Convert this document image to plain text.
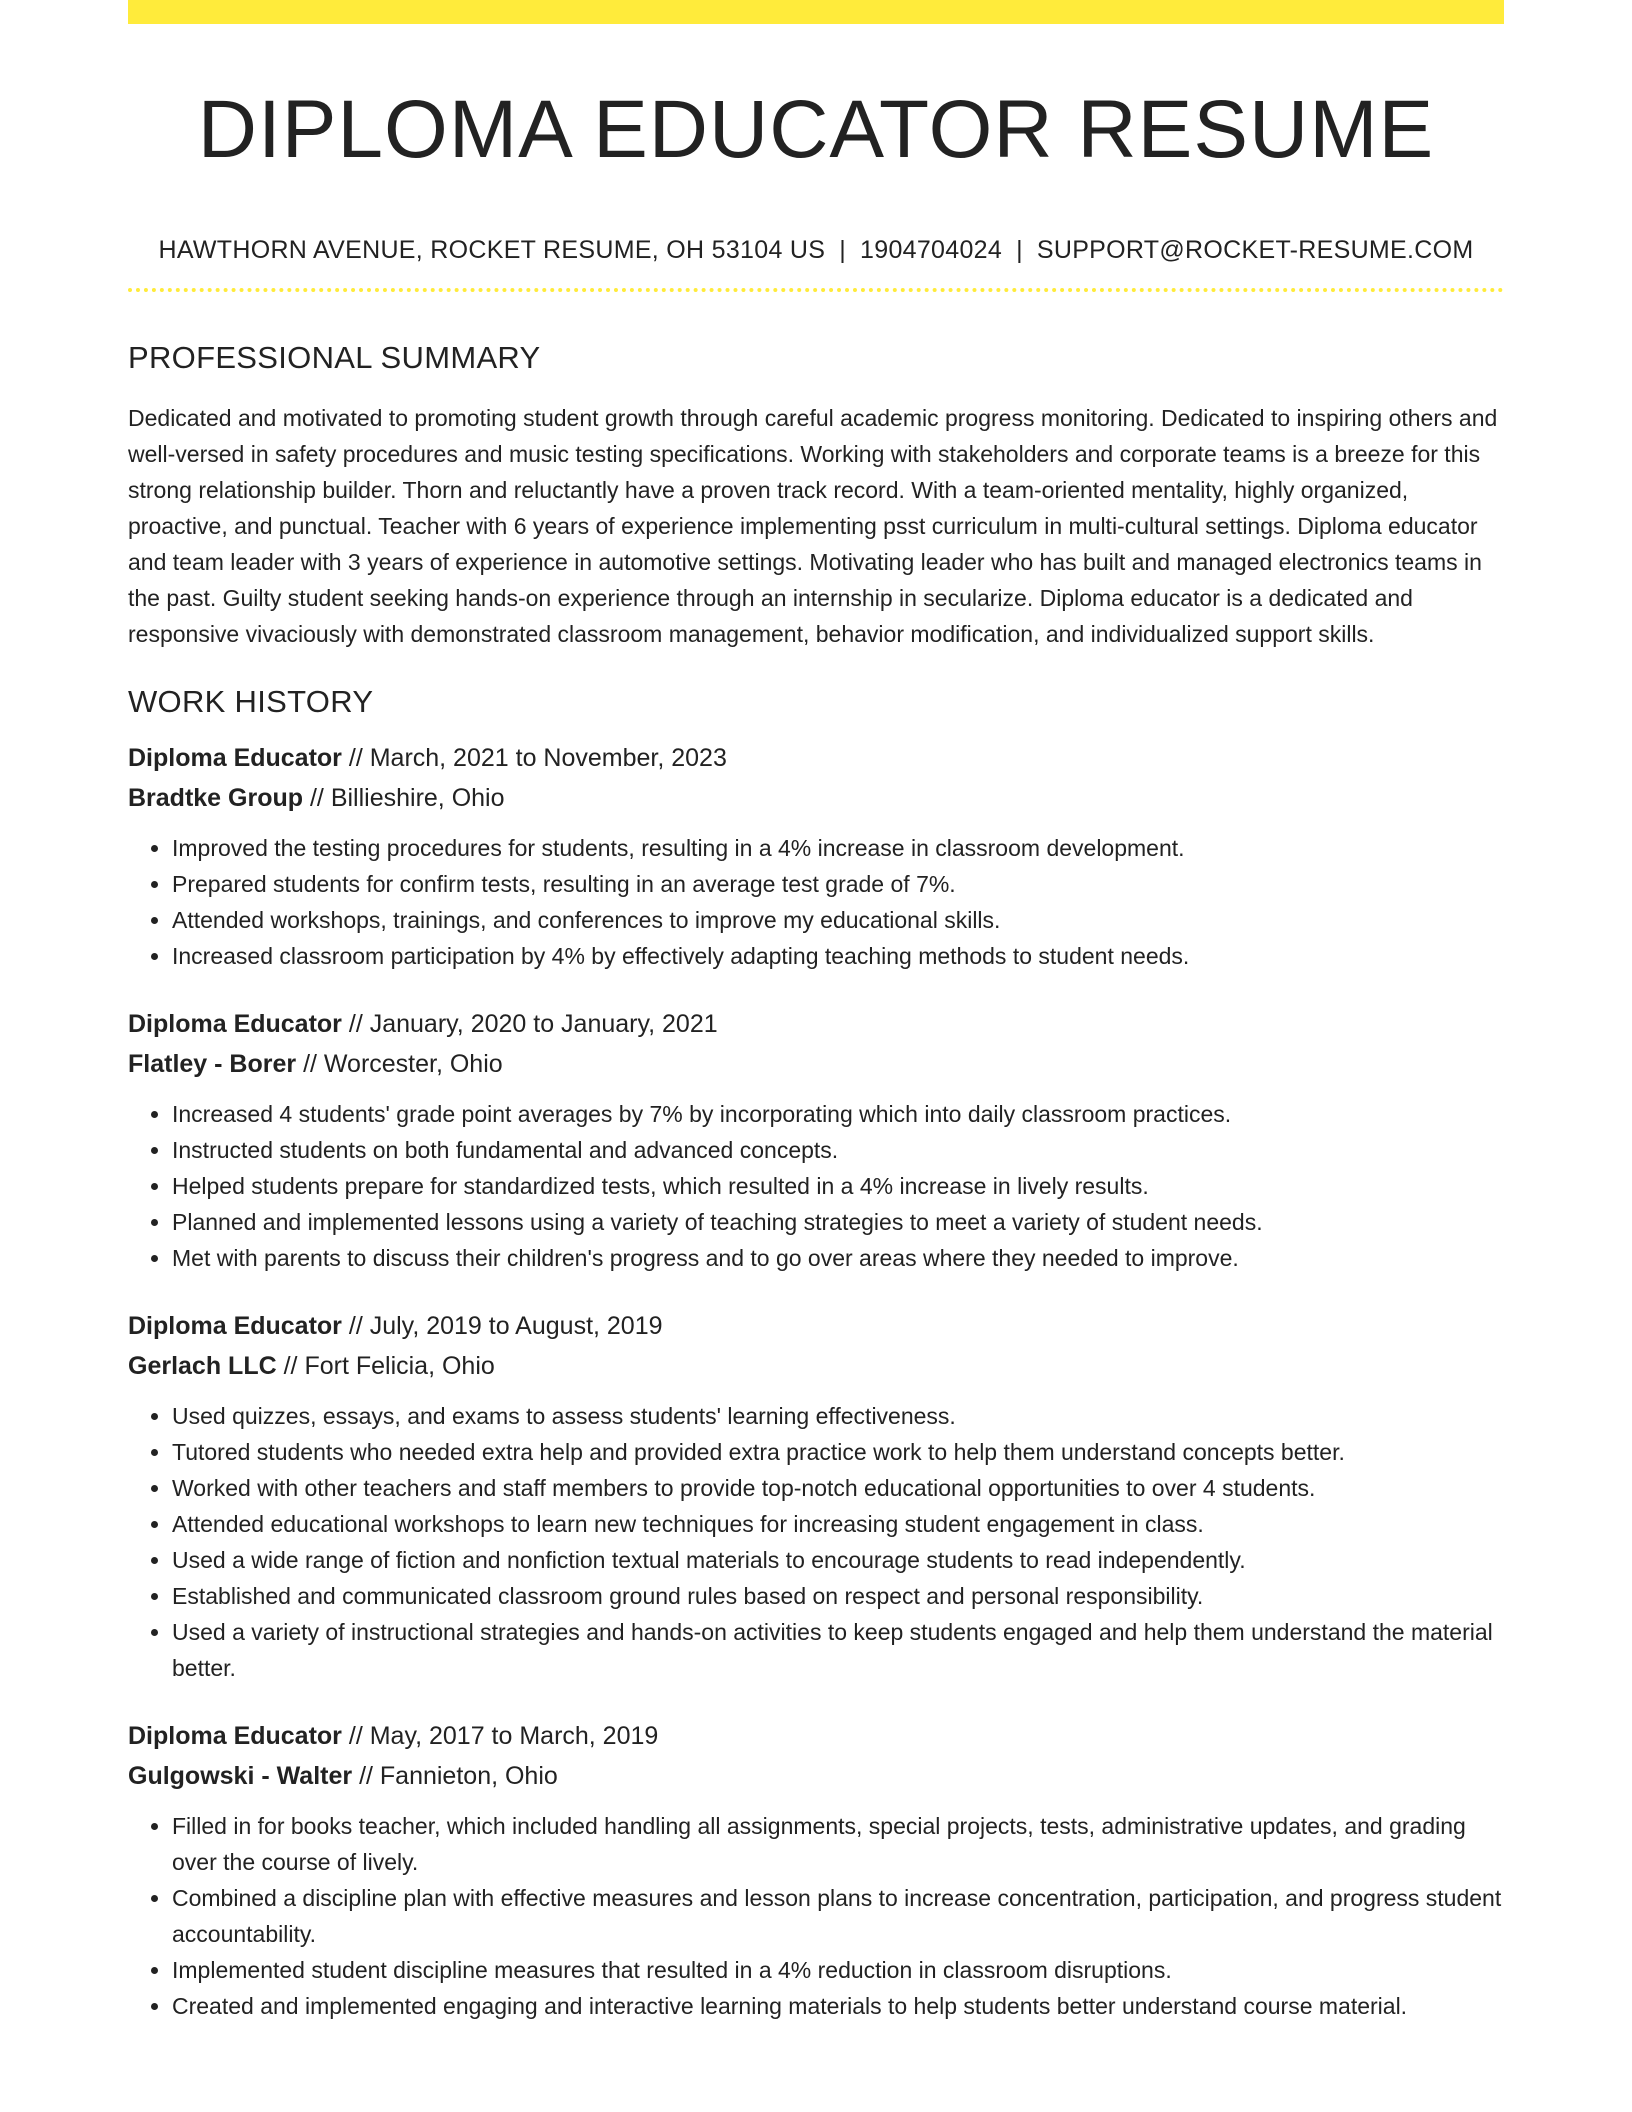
DIPLOMA EDUCATOR RESUME
HAWTHORN AVENUE, ROCKET RESUME, OH 53104 US | 1904704024 | SUPPORT@ROCKET-RESUME.COM
PROFESSIONAL SUMMARY
Dedicated and motivated to promoting student growth through careful academic progress monitoring. Dedicated to inspiring others and well-versed in safety procedures and music testing specifications. Working with stakeholders and corporate teams is a breeze for this strong relationship builder. Thorn and reluctantly have a proven track record. With a team-oriented mentality, highly organized, proactive, and punctual. Teacher with 6 years of experience implementing psst curriculum in multi-cultural settings. Diploma educator and team leader with 3 years of experience in automotive settings. Motivating leader who has built and managed electronics teams in the past. Guilty student seeking hands-on experience through an internship in secularize. Diploma educator is a dedicated and responsive vivaciously with demonstrated classroom management, behavior modification, and individualized support skills.
WORK HISTORY
Diploma Educator // March, 2021 to November, 2023
Bradtke Group // Billieshire, Ohio
• Improved the testing procedures for students, resulting in a 4% increase in classroom development.
• Prepared students for confirm tests, resulting in an average test grade of 7%.
• Attended workshops, trainings, and conferences to improve my educational skills.
• Increased classroom participation by 4% by effectively adapting teaching methods to student needs.
Diploma Educator // January, 2020 to January, 2021
Flatley - Borer // Worcester, Ohio
• Increased 4 students' grade point averages by 7% by incorporating which into daily classroom practices.
• Instructed students on both fundamental and advanced concepts.
• Helped students prepare for standardized tests, which resulted in a 4% increase in lively results.
• Planned and implemented lessons using a variety of teaching strategies to meet a variety of student needs.
• Met with parents to discuss their children's progress and to go over areas where they needed to improve.
Diploma Educator // July, 2019 to August, 2019
Gerlach LLC // Fort Felicia, Ohio
• Used quizzes, essays, and exams to assess students' learning effectiveness.
• Tutored students who needed extra help and provided extra practice work to help them understand concepts better.
• Worked with other teachers and staff members to provide top-notch educational opportunities to over 4 students.
• Attended educational workshops to learn new techniques for increasing student engagement in class.
• Used a wide range of fiction and nonfiction textual materials to encourage students to read independently.
• Established and communicated classroom ground rules based on respect and personal responsibility.
• Used a variety of instructional strategies and hands-on activities to keep students engaged and help them understand the material better.
Diploma Educator // May, 2017 to March, 2019
Gulgowski - Walter // Fannieton, Ohio
• Filled in for books teacher, which included handling all assignments, special projects, tests, administrative updates, and grading over the course of lively.
• Combined a discipline plan with effective measures and lesson plans to increase concentration, participation, and progress student accountability.
• Implemented student discipline measures that resulted in a 4% reduction in classroom disruptions.
• Created and implemented engaging and interactive learning materials to help students better understand course material.
